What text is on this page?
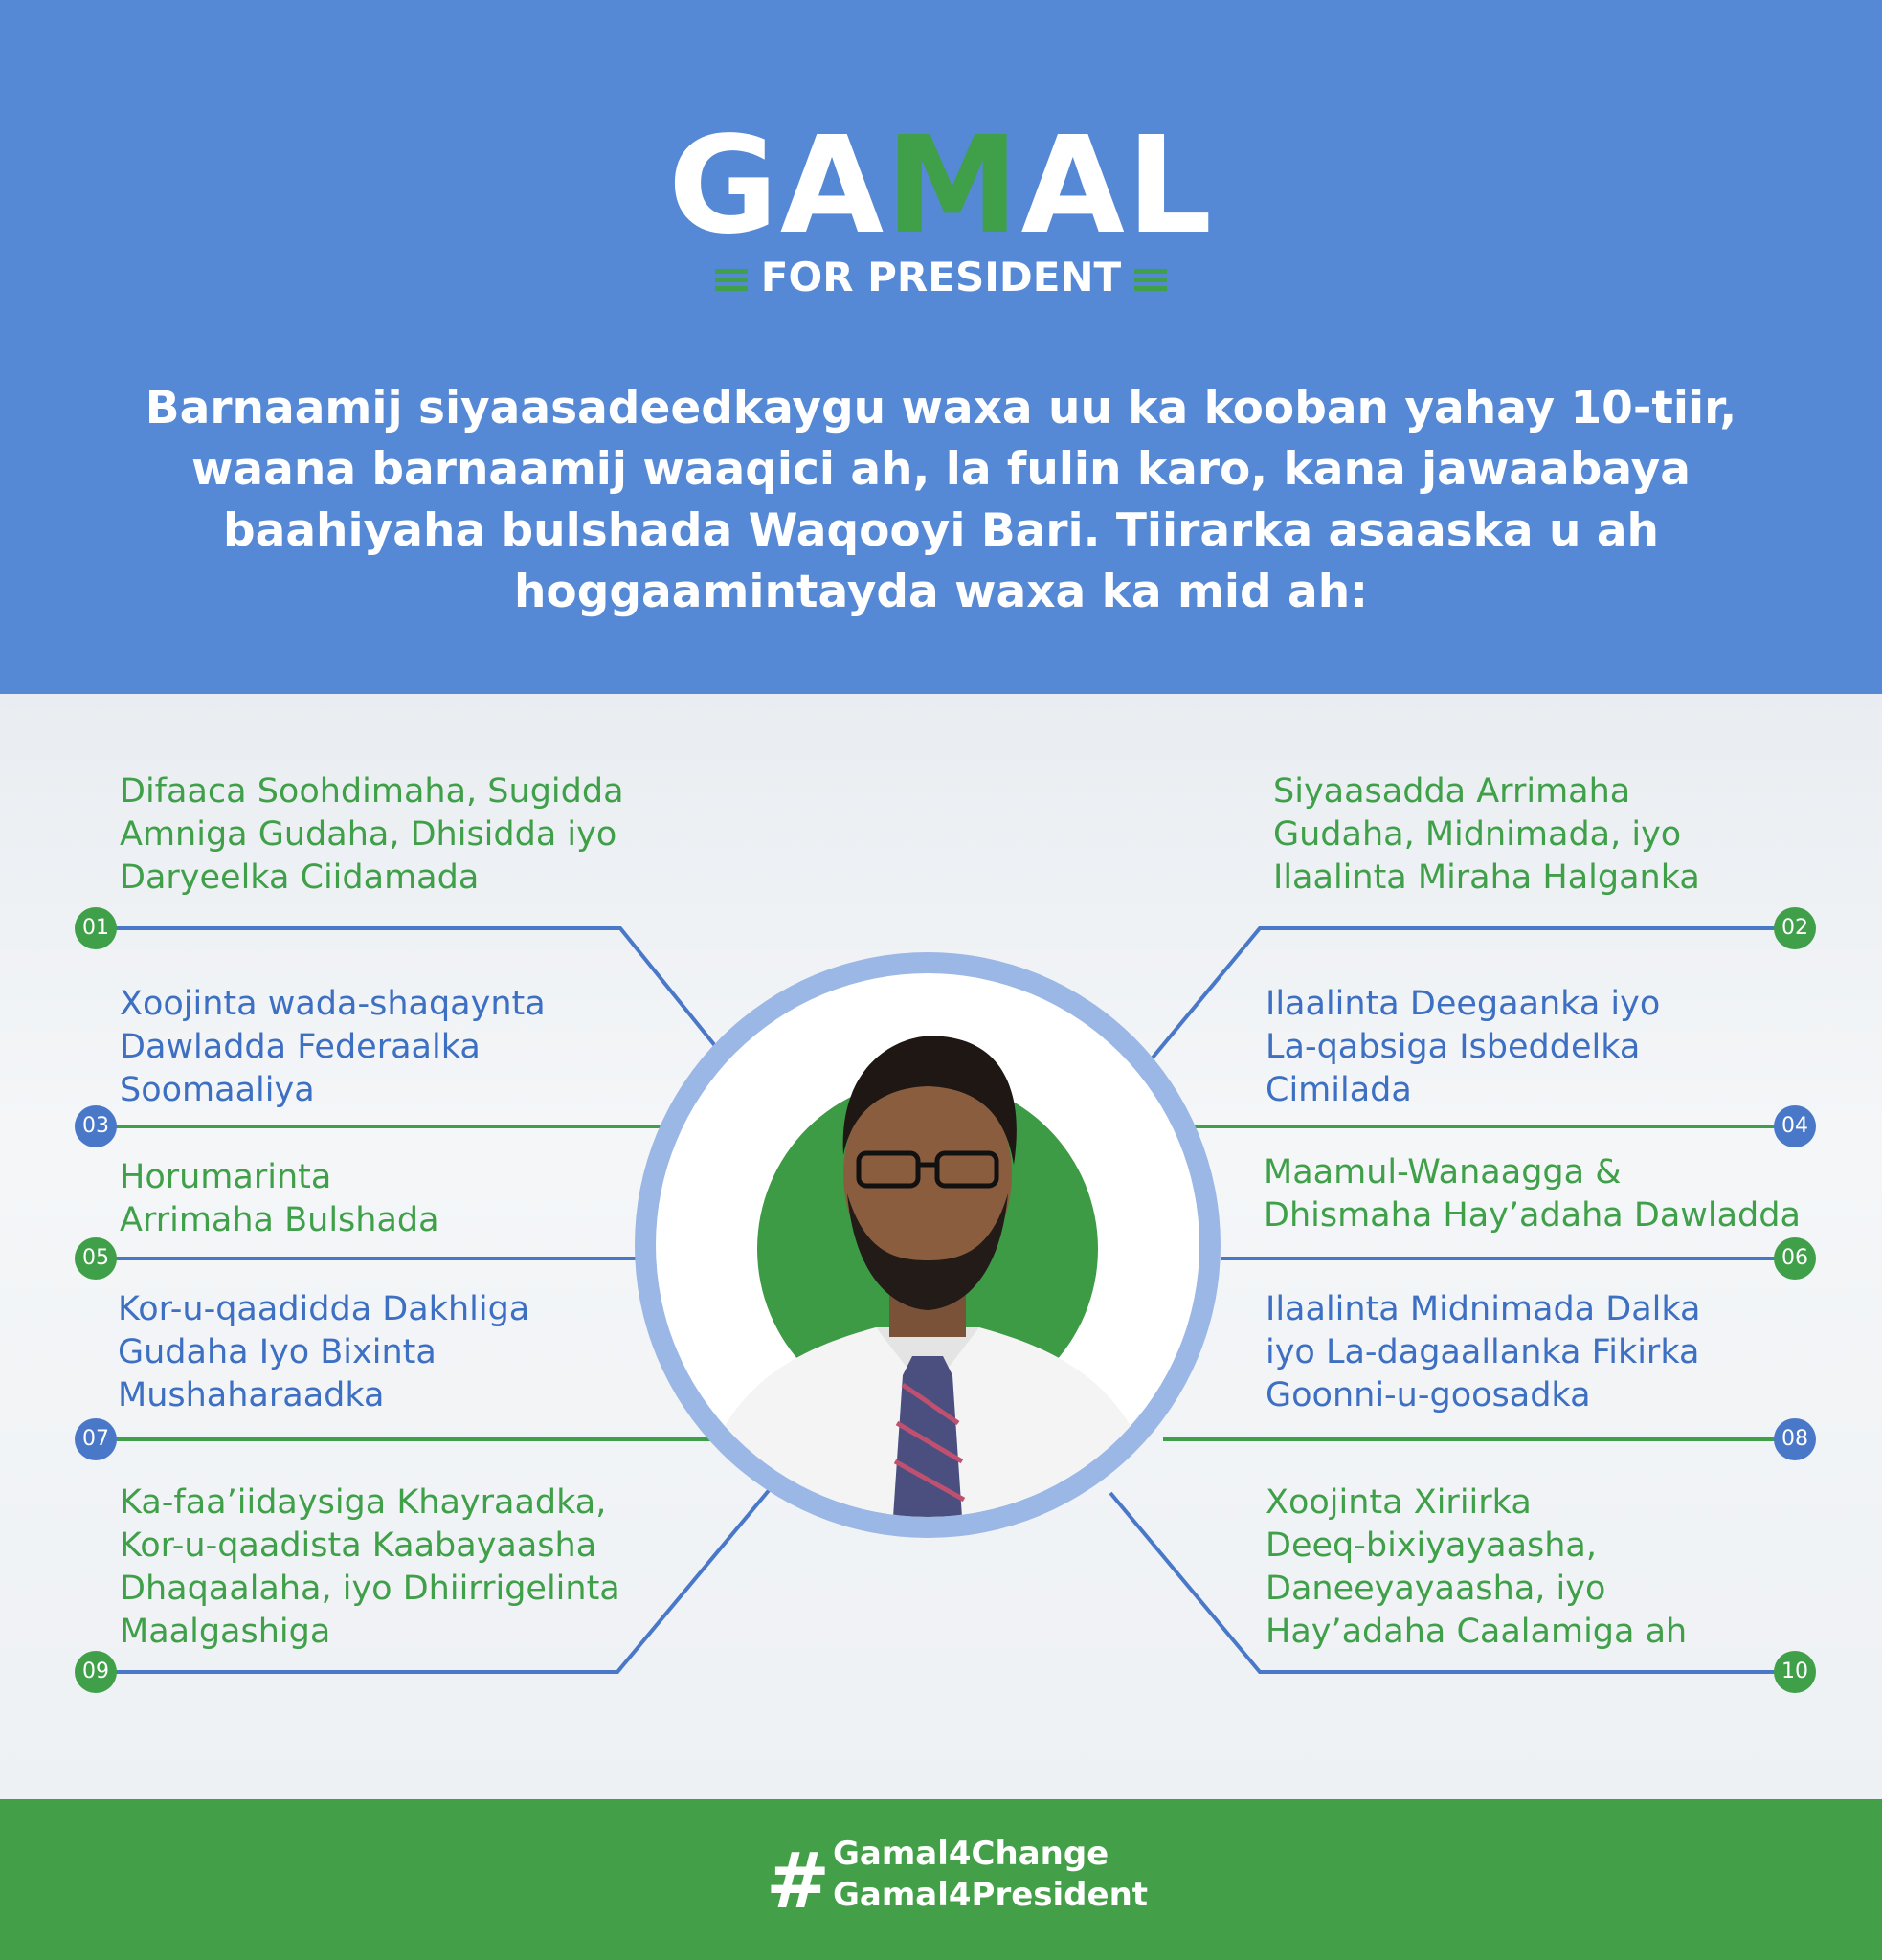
GAMAL
FOR PRESIDENT
Barnaamij siyaasadeedkaygu waxa uu ka kooban yahay 10-tiir, waana barnaamij waaqici ah, la fulin karo, kana jawaabaya baahiyaha bulshada Waqooyi Bari. Tiirarka asaaska u ah hoggaamintayda waxa ka mid ah:
Difaaca Soohdimaha, Sugidda
Amniga Gudaha, Dhisidda iyo
Daryeelka Ciidamada
01
Xoojinta wada-shaqaynta
Dawladda Federaalka
Soomaaliya
03
Horumarinta
Arrimaha Bulshada
05
Kor-u-qaadidda Dakhliga
Gudaha Iyo Bixinta
Mushaharaadka
07
Ka-faa’iidaysiga Khayraadka,
Kor-u-qaadista Kaabayaasha
Dhaqaalaha, iyo Dhiirrigelinta
Maalgashiga
09
Siyaasadda Arrimaha
Gudaha, Midnimada, iyo
Ilaalinta Miraha Halganka
02
Ilaalinta Deegaanka iyo
La-qabsiga Isbeddelka
Cimilada
04
Maamul-Wanaagga &
Dhismaha Hay’adaha Dawladda
06
Ilaalinta Midnimada Dalka
iyo La-dagaallanka Fikirka
Goonni-u-goosadka
08
Xoojinta Xiriirka
Deeq-bixiyayaasha,
Daneeyayaasha, iyo
Hay’adaha Caalamiga ah
10
# Gamal4Change
Gamal4President
